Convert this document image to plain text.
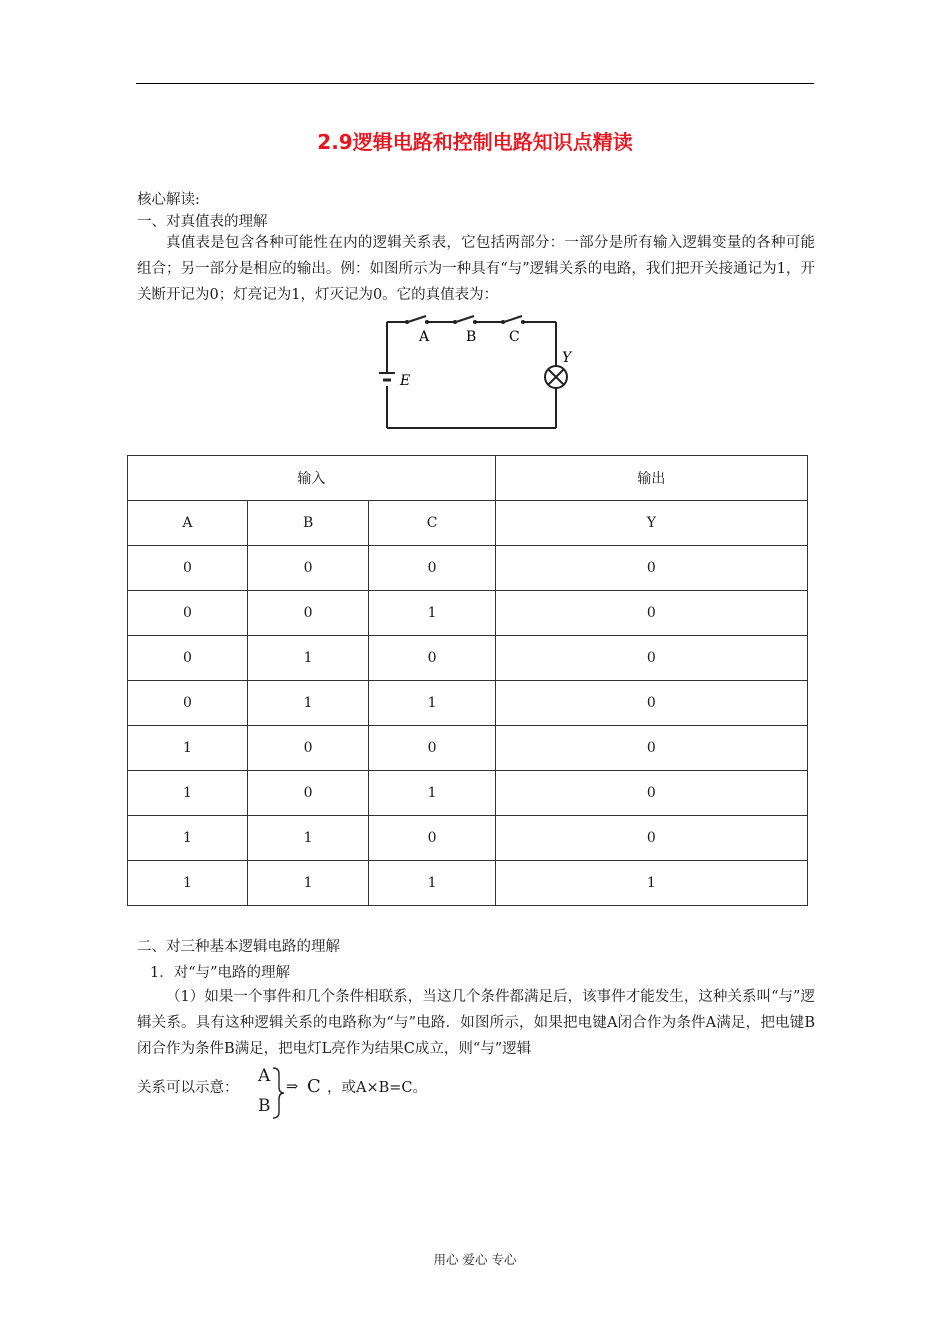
2.9逻辑电路和控制电路知识点精读
核心解读:
一、对真值表的理解
真值表是包含各种可能性在内的逻辑关系表，它包括两部分：一部分是所有输入逻辑变量的各种可能组合；另一部分是相应的输出。例：如图所示为一种具有“与”逻辑关系的电路，我们把开关接通记为1，开关断开记为0；灯亮记为1，灯灭记为0。它的真值表为：
A	B C
Y
E
输入			输出
A	B	C	Y
0	0	0	0
0	0	1	0
0	1	0	0
0	1	1	0
1	0	0	0
1	0	1	0
1	1	0	0
1	1	1	1
二、对三种基本逻辑电路的理解
1．对“与”电路的理解
（1）如果一个事件和几个条件相联系，当这几个条件都满足后，该事件才能发生，这种关系叫“与”逻辑关系。具有这种逻辑关系的电路称为“与”电路．如图所示，如果把电键A闭合作为条件A满足，把电键B闭合作为条件B满足，把电灯L亮作为结果C成立，则“与”逻辑
关系可以示意：
A
B
⇒ C ，或A×B=C。
用心 爱心 专心
